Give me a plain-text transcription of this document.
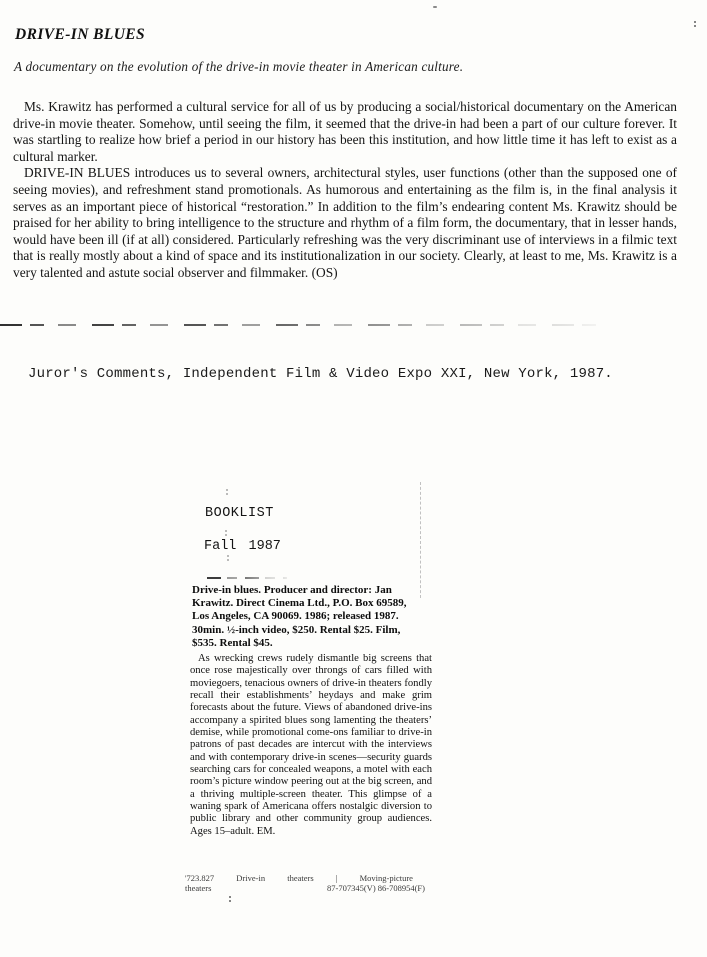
DRIVE-IN BLUES

A documentary on the evolution of the drive-in movie theater in American culture.

Ms. Krawitz has performed a cultural service for all of us by producing a social/historical documentary on the American drive-in movie theater. Somehow, until seeing the film, it seemed that the drive-in had been a part of our culture forever. It was startling to realize how brief a period in our history has been this institution, and how little time it has left to exist as a cultural marker.

DRIVE-IN BLUES introduces us to several owners, architectural styles, user functions (other than the supposed one of seeing movies), and refreshment stand promotionals. As humorous and entertaining as the film is, in the final analysis it serves as an important piece of historical “restoration.” In addition to the film’s endearing content Ms. Krawitz should be praised for her ability to bring intelligence to the structure and rhythm of a film form, the documentary, that in lesser hands, would have been ill (if at all) considered. Particularly refreshing was the very discriminant use of interviews in a filmic text that is really mostly about a kind of space and its institutionalization in our society. Clearly, at least to me, Ms. Krawitz is a very talented and astute social observer and filmmaker. (OS)

Juror's Comments, Independent Film & Video Expo XXI, New York, 1987.

BOOKLIST

Fall 1987

Drive-in blues. Producer and director: Jan Krawitz. Direct Cinema Ltd., P.O. Box 69589, Los Angeles, CA 90069. 1986; released 1987. 30min. ½-inch video, $250. Rental $25. Film, $535. Rental $45.

As wrecking crews rudely dismantle big screens that once rose majestically over throngs of cars filled with moviegoers, tenacious owners of drive-in theaters fondly recall their establishments’ heydays and make grim forecasts about the future. Views of abandoned drive-ins accompany a spirited blues song lamenting the theaters’ demise, while promotional come-ons familiar to drive-in patrons of past decades are intercut with the interviews and with contemporary drive-in scenes—security guards searching cars for concealed weapons, a motel with each room’s picture window peering out at the big screen, and a thriving multiple-screen theater. This glimpse of a waning spark of Americana offers nostalgic diversion to public library and other community group audiences. Ages 15–adult. EM.

'723.827	Drive-in	theaters	|	Moving-picture
theaters	87-707345(V) 86-708954(F)
